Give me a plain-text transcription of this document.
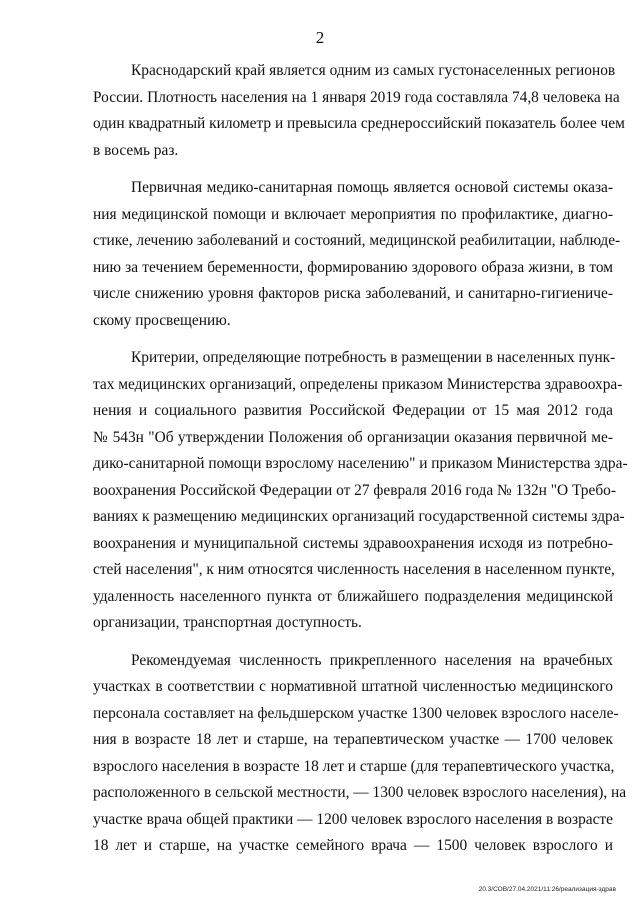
2

Краснодарский край является одним из самых густонаселенных регионов
России. Плотность населения на 1 января 2019 года составляла 74,8 человека на
один квадратный километр и превысила среднероссийский показатель более чем
в восемь раз.

Первичная медико-санитарная помощь является основой системы оказа-
ния медицинской помощи и включает мероприятия по профилактике, диагно-
стике, лечению заболеваний и состояний, медицинской реабилитации, наблюде-
нию за течением беременности, формированию здорового образа жизни, в том
числе снижению уровня факторов риска заболеваний, и санитарно-гигиениче-
скому просвещению.

Критерии, определяющие потребность в размещении в населенных пунк-
тах медицинских организаций, определены приказом Министерства здравоохра-
нения и социального развития Российской Федерации от 15 мая 2012 года
№ 543н "Об утверждении Положения об организации оказания первичной ме-
дико-санитарной помощи взрослому населению" и приказом Министерства здра-
воохранения Российской Федерации от 27 февраля 2016 года № 132н "О Требо-
ваниях к размещению медицинских организаций государственной системы здра-
воохранения и муниципальной системы здравоохранения исходя из потребно-
стей населения", к ним относятся численность населения в населенном пункте,
удаленность населенного пункта от ближайшего подразделения медицинской
организации, транспортная доступность.

Рекомендуемая численность прикрепленного населения на врачебных
участках в соответствии с нормативной штатной численностью медицинского
персонала составляет на фельдшерском участке 1300 человек взрослого населе-
ния в возрасте 18 лет и старше, на терапевтическом участке — 1700 человек
взрослого населения в возрасте 18 лет и старше (для терапевтического участка,
расположенного в сельской местности, — 1300 человек взрослого населения), на
участке врача общей практики — 1200 человек взрослого населения в возрасте
18 лет и старше, на участке семейного врача — 1500 человек взрослого и

20.3/СОВ/27.04.2021/11:26/реализация-здрав
